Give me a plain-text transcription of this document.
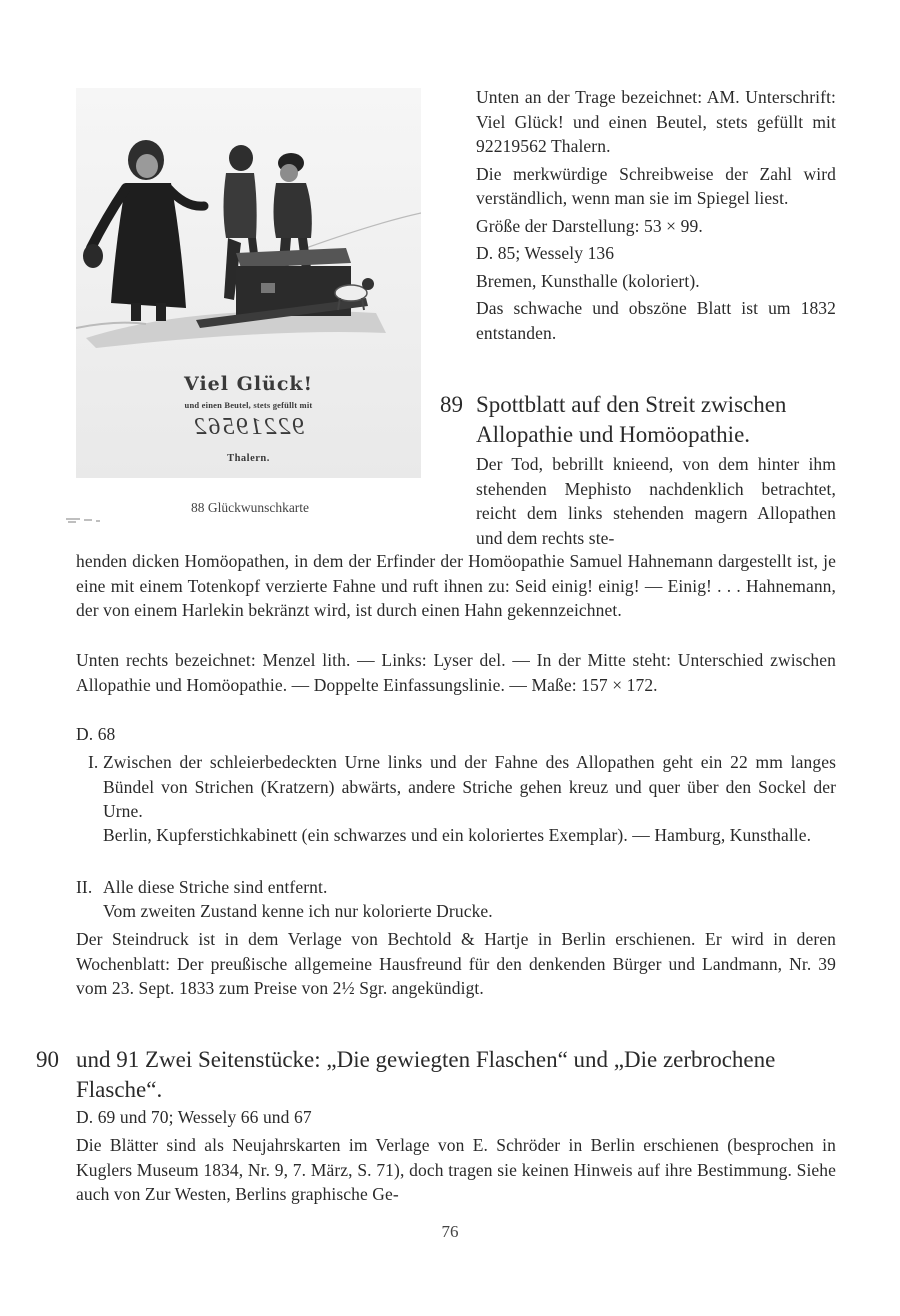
Viel Glück!
und einen Beutel, stets gefüllt mit
92219562
Thalern.
88 Glückwunschkarte

Unten an der Trage bezeichnet: AM. Unterschrift: Viel Glück! und einen Beutel, stets gefüllt mit 92219562 Thalern.

Die merkwürdige Schreibweise der Zahl wird verständlich, wenn man sie im Spiegel liest.

Größe der Darstellung: 53 × 99.

D. 85; Wessely 136

Bremen, Kunsthalle (koloriert).

Das schwache und obszöne Blatt ist um 1832 entstanden.

89 Spottblatt auf den Streit zwischen Allopathie und Homöopathie.
Der Tod, bebrillt knieend, von dem hinter ihm stehenden Mephisto nachdenklich betrachtet, reicht dem links stehenden magern Allopathen und dem rechts ste-
henden dicken Homöopathen, in dem der Erfinder der Homöopathie Samuel Hahnemann dargestellt ist, je eine mit einem Totenkopf verzierte Fahne und ruft ihnen zu: Seid einig! einig! — Einig! . . . Hahnemann, der von einem Harlekin bekränzt wird, ist durch einen Hahn gekennzeichnet.
Unten rechts bezeichnet: Menzel lith. — Links: Lyser del. — In der Mitte steht: Unterschied zwischen Allopathie und Homöopathie. — Doppelte Einfassungslinie. — Maße: 157 × 172.
D. 68
I. Zwischen der schleierbedeckten Urne links und der Fahne des Allopathen geht ein 22 mm langes Bündel von Strichen (Kratzern) abwärts, andere Striche gehen kreuz und quer über den Sockel der Urne.
Berlin, Kupferstichkabinett (ein schwarzes und ein koloriertes Exemplar). — Hamburg, Kunsthalle.
II. Alle diese Striche sind entfernt.
Vom zweiten Zustand kenne ich nur kolorierte Drucke.
Der Steindruck ist in dem Verlage von Bechtold & Hartje in Berlin erschienen. Er wird in deren Wochenblatt: Der preußische allgemeine Hausfreund für den denkenden Bürger und Landmann, Nr. 39 vom 23. Sept. 1833 zum Preise von 2½ Sgr. angekündigt.
90 und 91 Zwei Seitenstücke: „Die gewiegten Flaschen“ und „Die zerbrochene Flasche“.
D. 69 und 70; Wessely 66 und 67
Die Blätter sind als Neujahrskarten im Verlage von E. Schröder in Berlin erschienen (besprochen in Kuglers Museum 1834, Nr. 9, 7. März, S. 71), doch tragen sie keinen Hinweis auf ihre Bestimmung. Siehe auch von Zur Westen, Berlins graphische Ge-
76
